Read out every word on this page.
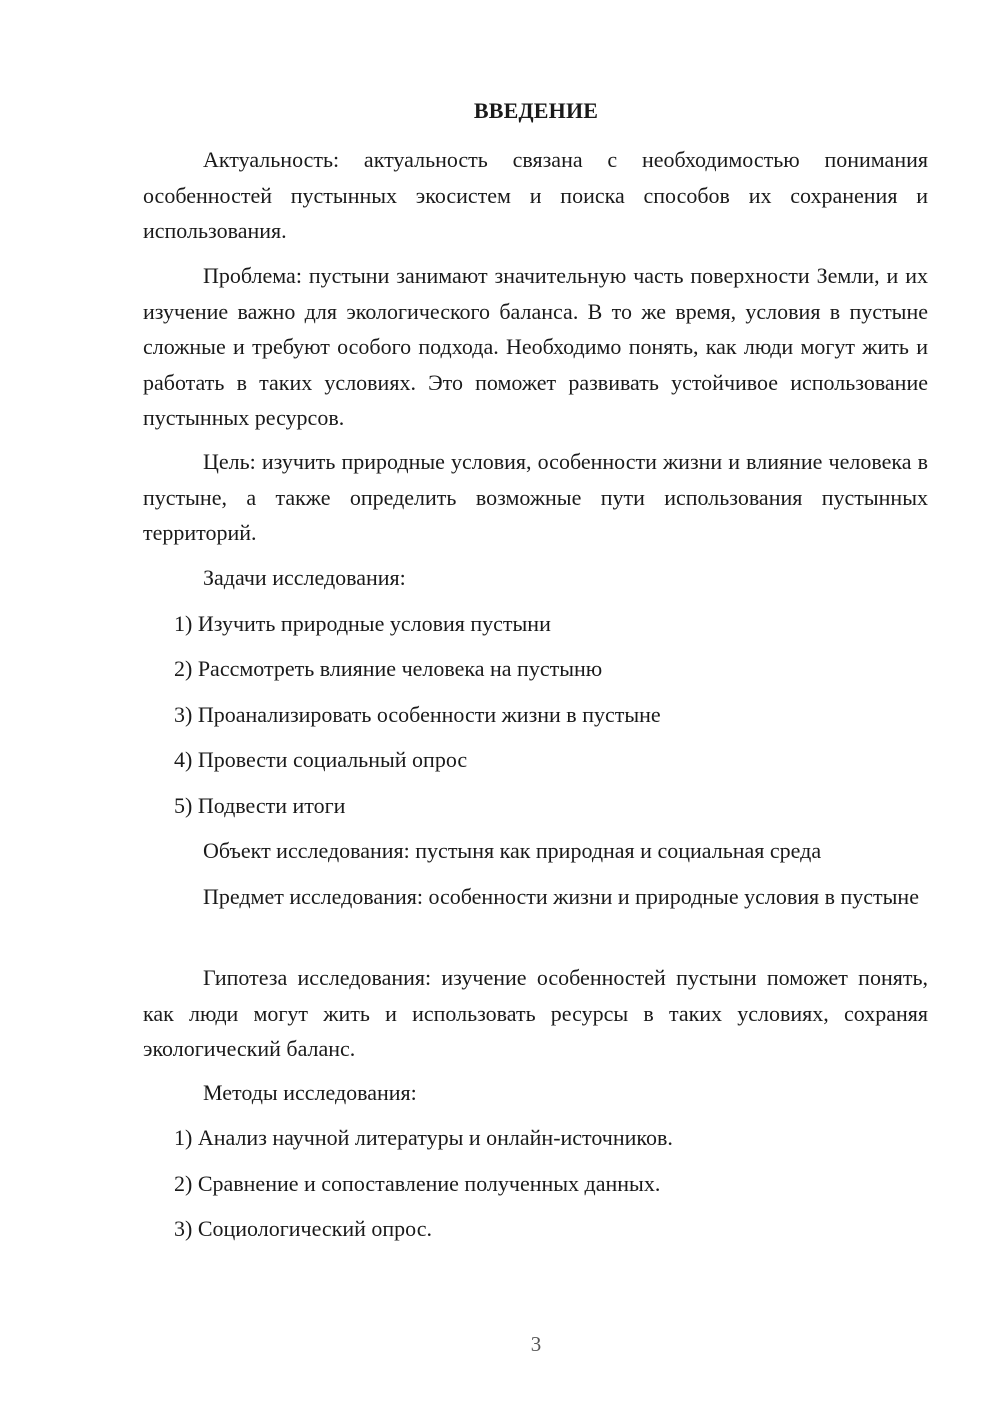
ВВЕДЕНИЕ

Актуальность: актуальность связана с необходимостью понимания особенностей пустынных экосистем и поиска способов их сохранения и использования.

Проблема: пустыни занимают значительную часть поверхности Земли, и их изучение важно для экологического баланса. В то же время, условия в пустыне сложные и требуют особого подхода. Необходимо понять, как люди могут жить и работать в таких условиях. Это поможет развивать устойчивое использование пустынных ресурсов.

Цель: изучить природные условия, особенности жизни и влияние человека в пустыне, а также определить возможные пути использования пустынных территорий.

Задачи исследования:

1) Изучить природные условия пустыни

2) Рассмотреть влияние человека на пустыню

3) Проанализировать особенности жизни в пустыне

4) Провести социальный опрос

5) Подвести итоги

Объект исследования: пустыня как природная и социальная среда

Предмет исследования: особенности жизни и природные условия в пустыне

Гипотеза исследования: изучение особенностей пустыни поможет понять, как люди могут жить и использовать ресурсы в таких условиях, сохраняя экологический баланс.

Методы исследования:

1) Анализ научной литературы и онлайн-источников.

2) Сравнение и сопоставление полученных данных.

3) Социологический опрос.

3
